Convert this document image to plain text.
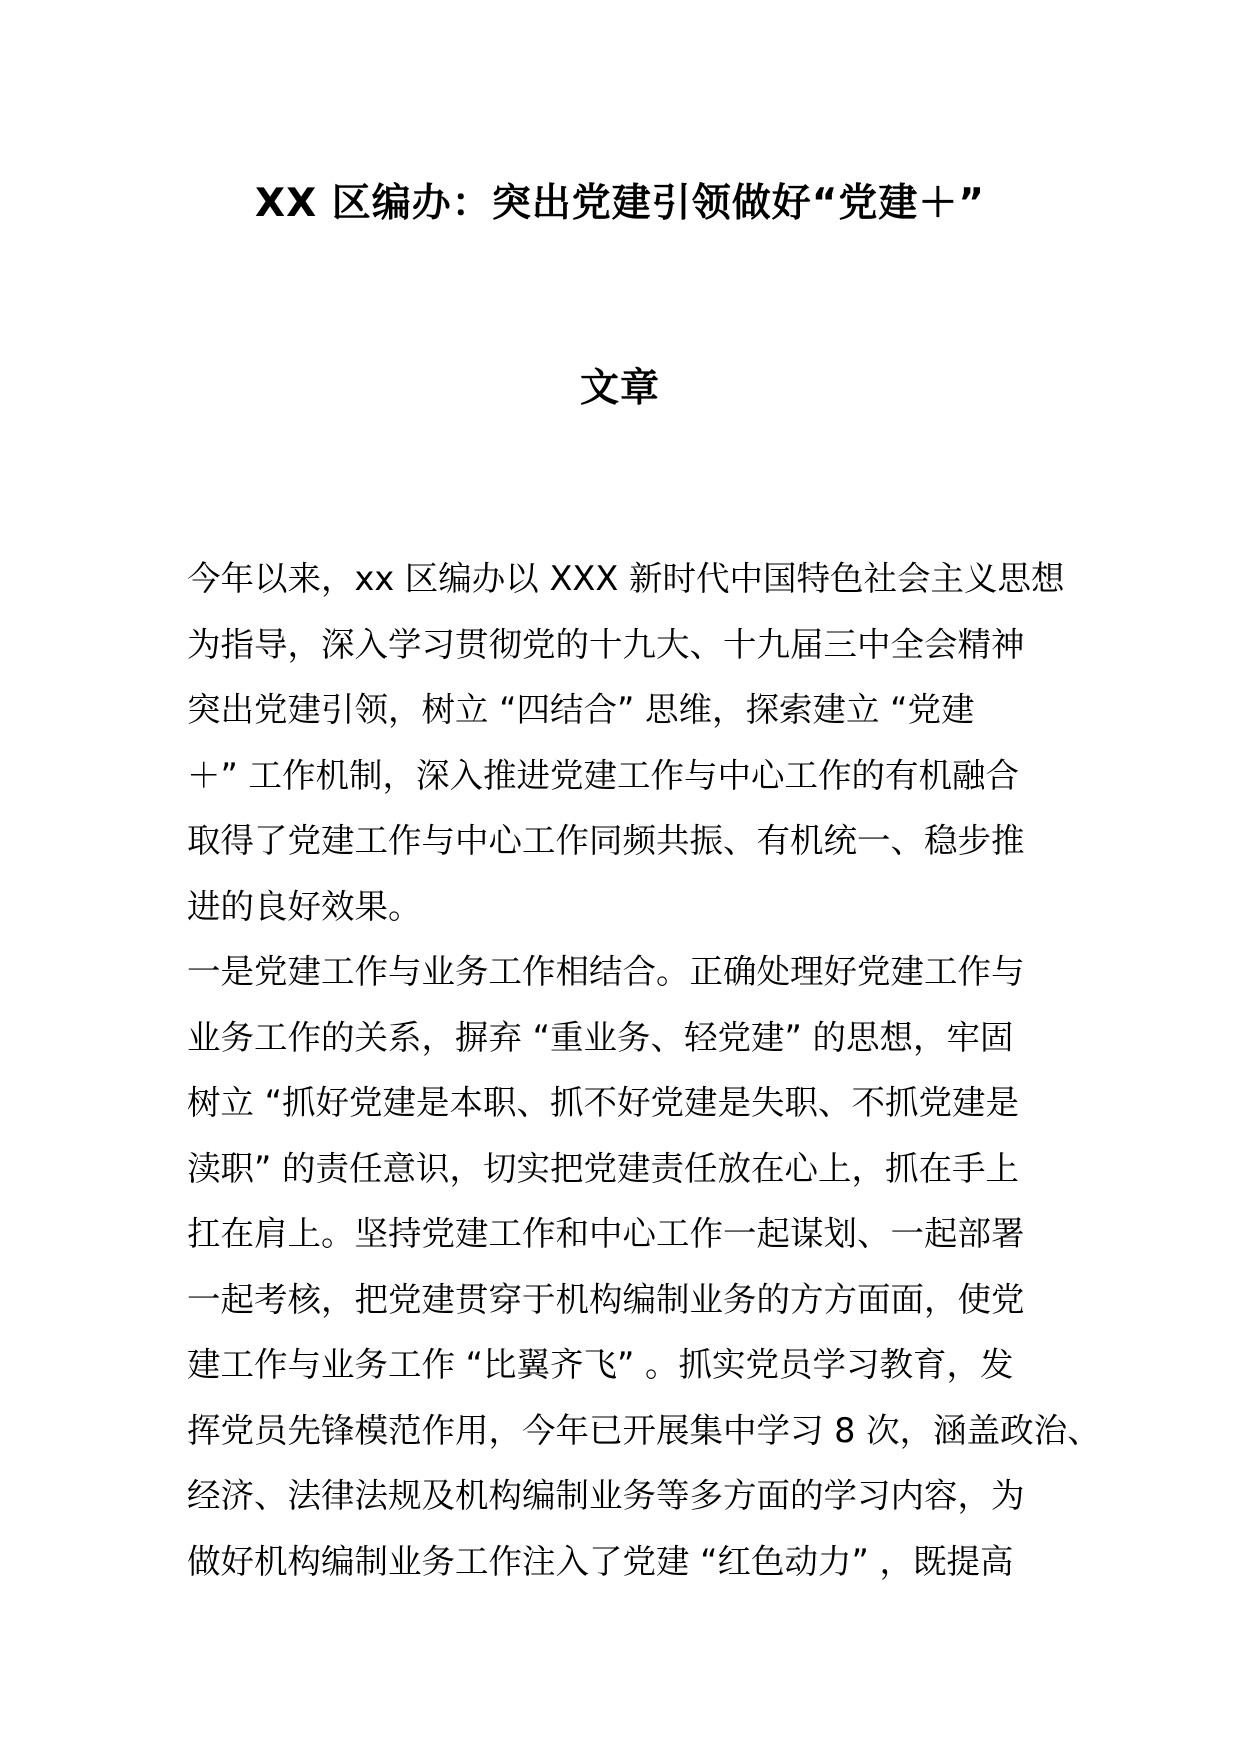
XX 区编办：突出党建引领做好“党建＋”
文章
今年以来，xx 区编办以 XXX 新时代中国特色社会主义思想
为指导，深入学习贯彻党的十九大、十九届三中全会精神
突出党建引领，树立 “四结合” 思维，探索建立 “党建
＋” 工作机制，深入推进党建工作与中心工作的有机融合
取得了党建工作与中心工作同频共振、有机统一、稳步推
进的良好效果。
一是党建工作与业务工作相结合。正确处理好党建工作与
业务工作的关系，摒弃 “重业务、轻党建” 的思想，牢固
树立 “抓好党建是本职、抓不好党建是失职、不抓党建是
渎职” 的责任意识，切实把党建责任放在心上，抓在手上
扛在肩上。坚持党建工作和中心工作一起谋划、一起部署
一起考核，把党建贯穿于机构编制业务的方方面面，使党
建工作与业务工作 “比翼齐飞” 。抓实党员学习教育，发
挥党员先锋模范作用，今年已开展集中学习 8 次，涵盖政治、
经济、法律法规及机构编制业务等多方面的学习内容，为
做好机构编制业务工作注入了党建 “红色动力” ，既提高
